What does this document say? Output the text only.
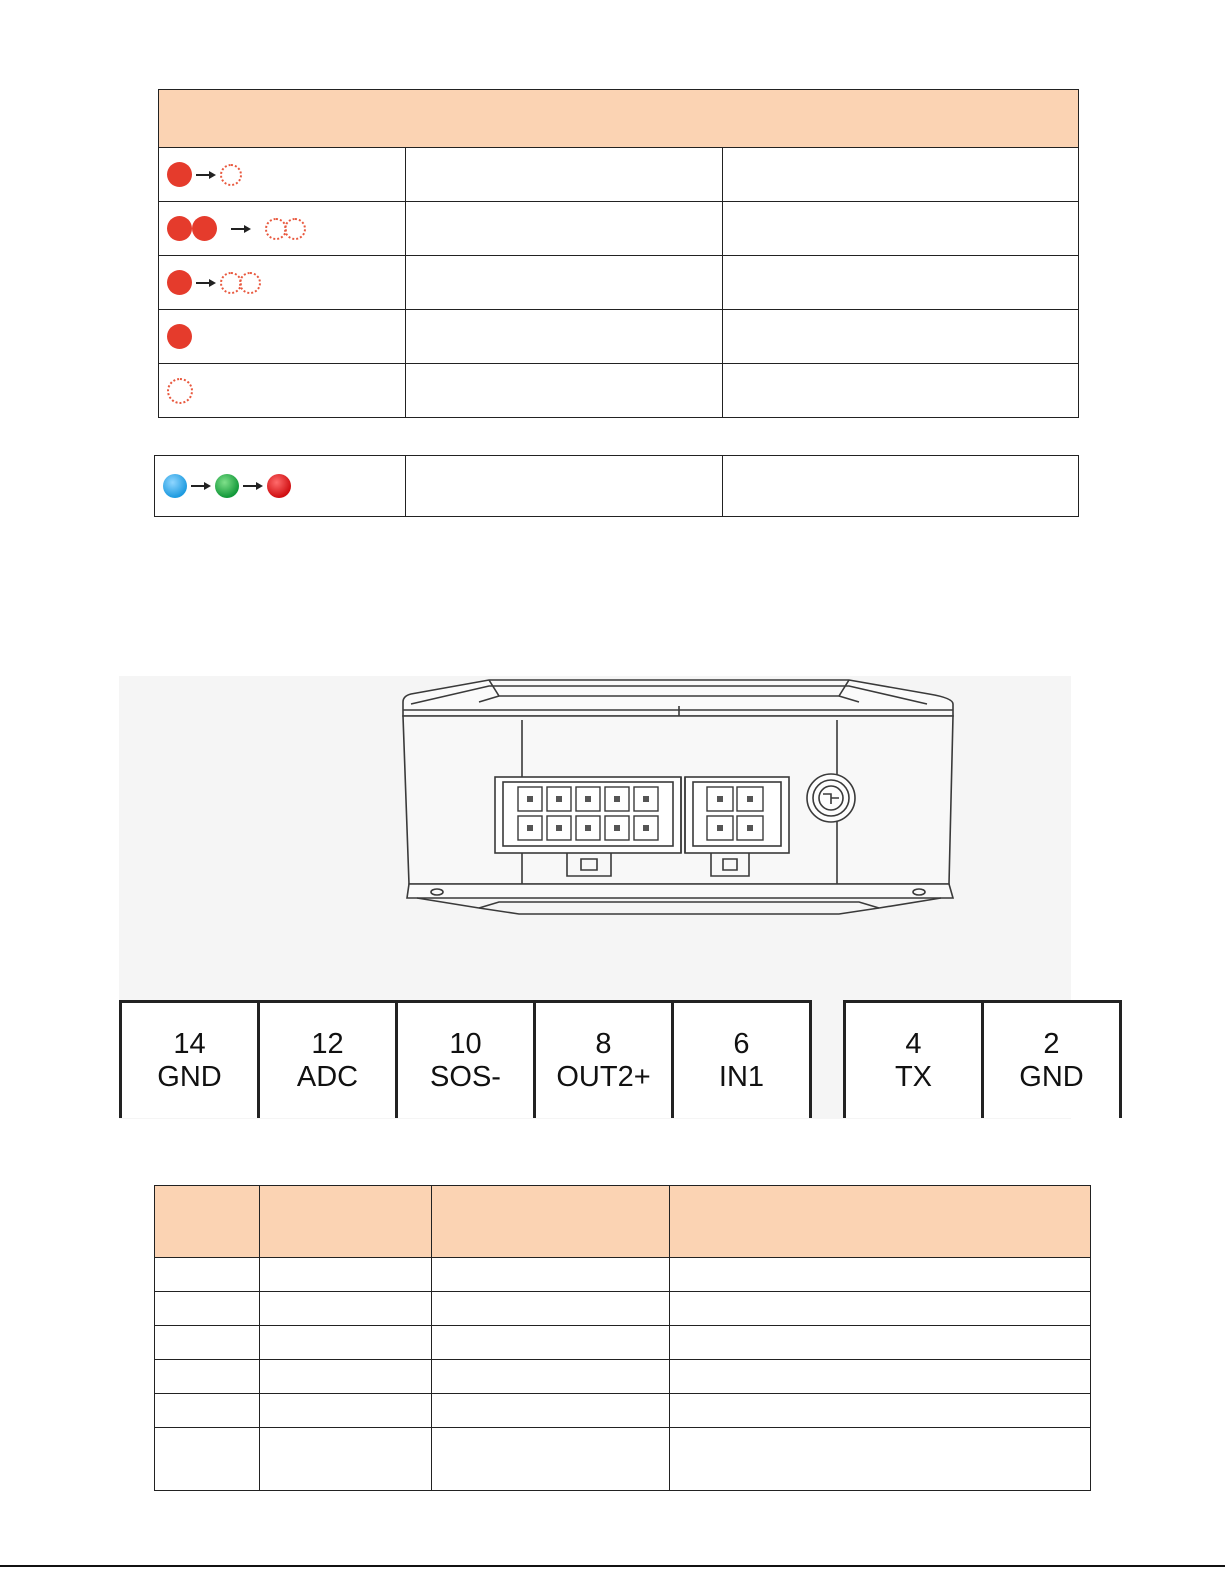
14
GND
12
ADC
10
SOS-
8
OUT2+
6
IN1
4
TX
2
GND
